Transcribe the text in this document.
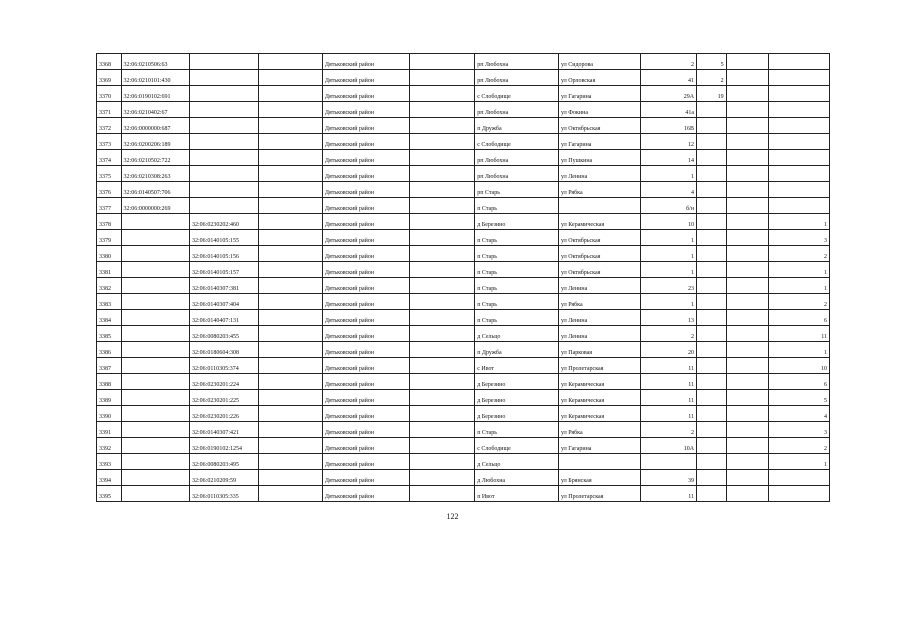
3368	32:06:0210506:63			Дятьковский район		рп Любохна	ул Сидорова	2	5		
3369	32:06:0210101:430			Дятьковский район		рп Любохна	ул Орловская	41	2		
3370	32:06:0190102:691			Дятьковский район		с Слободище	ул Гагарина	29А	19		
3371	32:06:0210402:67			Дятьковский район		рп Любохна	ул Фокина	41а			
3372	32:06:0000000:687			Дятьковский район		п Дружба	ул Октябрьская	16В			
3373	32:06:0200206:189			Дятьковский район		с Слободище	ул Гагарина	12			
3374	32:06:0210502:722			Дятьковский район		рп Любохна	ул Пушкина	14			
3375	32:06:0210308:263			Дятьковский район		рп Любохна	ул Ленина	1			
3376	32:06:0140507:706			Дятьковский район		рп Старь	ул Рябка	4			
3377	32:06:0000000:269			Дятьковский район		п Старь		б/н			
3378		32:06:0230202:460		Дятьковский район		д Березино	ул Керамическая	10			1
3379		32:06:0140105:155		Дятьковский район		п Старь	ул Октябрьская	1			3
3380		32:06:0140105:156		Дятьковский район		п Старь	ул Октябрьская	1			2
3381		32:06:0140105:157		Дятьковский район		п Старь	ул Октябрьская	1			1
3382		32:06:0140307:381		Дятьковский район		п Старь	ул Ленина	23			1
3383		32:06:0140307:404		Дятьковский район		п Старь	ул Рябка	1			2
3384		32:06:0140407:131		Дятьковский район		п Старь	ул Ленина	13			6
3385		32:06:0080203:455		Дятьковский район		д Сельцо	ул Ленина	2			11
3386		32:06:0180604:308		Дятьковский район		п Дружба	ул Парковая	20			1
3387		32:06:0110305:374		Дятьковский район		с Ивот	ул Пролетарская	11			10
3388		32:06:0230201:224		Дятьковский район		д Березино	ул Керамическая	11			6
3389		32:06:0230201:225		Дятьковский район		д Березино	ул Керамическая	11			5
3390		32:06:0230201:226		Дятьковский район		д Березино	ул Керамическая	11			4
3391		32:06:0140307:421		Дятьковский район		п Старь	ул Рябка	2			3
3392		32:06:0190102:1254		Дятьковский район		с Слободище	ул Гагарина	10А			2
3393		32:06:0080203:495		Дятьковский район		д Сельцо					1
3394		32:06:0210209:59		Дятьковский район		д Любохна	ул Брянская	39			
3395		32:06:0110305:335		Дятьковский район		п Ивот	ул Пролетарская	11			
122
